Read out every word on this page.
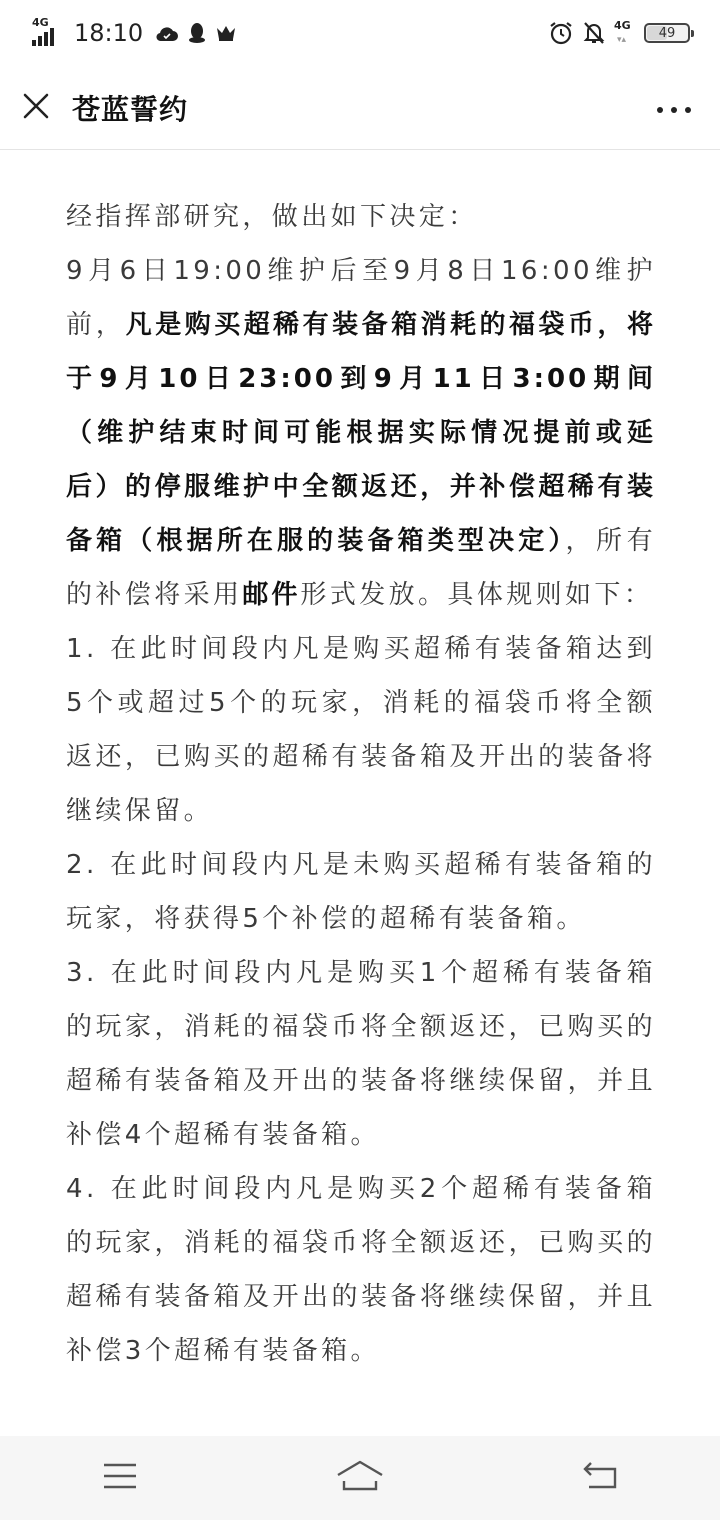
4G 18:10	4G
▾▴	49
苍蓝誓约

经指挥部研究，做出如下决定：

9月6日19:00维护后至9月8日16:00维护前，凡是购买超稀有装备箱消耗的福袋币，将于9月10日23:00到9月11日3:00期间（维护结束时间可能根据实际情况提前或延后）的停服维护中全额返还，并补偿超稀有装备箱（根据所在服的装备箱类型决定），所有的补偿将采用邮件形式发放。具体规则如下：

1. 在此时间段内凡是购买超稀有装备箱达到5个或超过5个的玩家，消耗的福袋币将全额返还，已购买的超稀有装备箱及开出的装备将继续保留。

2. 在此时间段内凡是未购买超稀有装备箱的玩家，将获得5个补偿的超稀有装备箱。

3. 在此时间段内凡是购买1个超稀有装备箱的玩家，消耗的福袋币将全额返还，已购买的超稀有装备箱及开出的装备将继续保留，并且补偿4个超稀有装备箱。

4. 在此时间段内凡是购买2个超稀有装备箱的玩家，消耗的福袋币将全额返还，已购买的超稀有装备箱及开出的装备将继续保留，并且补偿3个超稀有装备箱。
